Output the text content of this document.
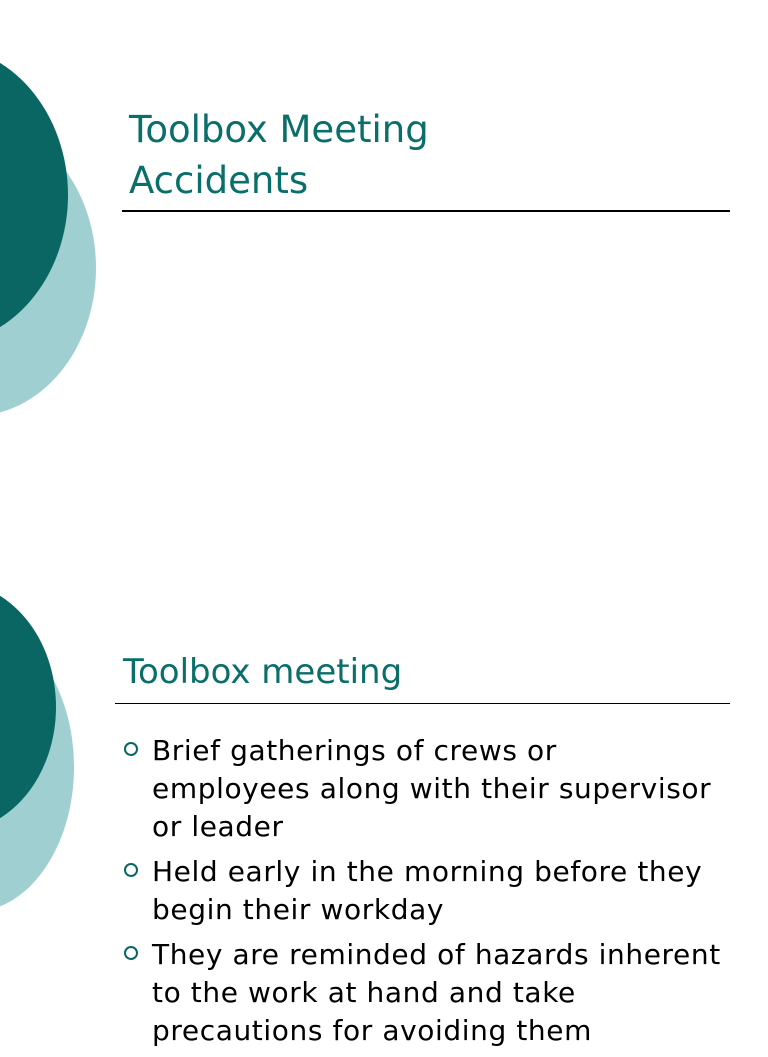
Toolbox Meeting
Accidents
Toolbox meeting
Brief gatherings of crews or employees along with their supervisor or leader
Held early in the morning before they begin their workday
They are reminded of hazards inherent to the work at hand and take precautions for avoiding them
